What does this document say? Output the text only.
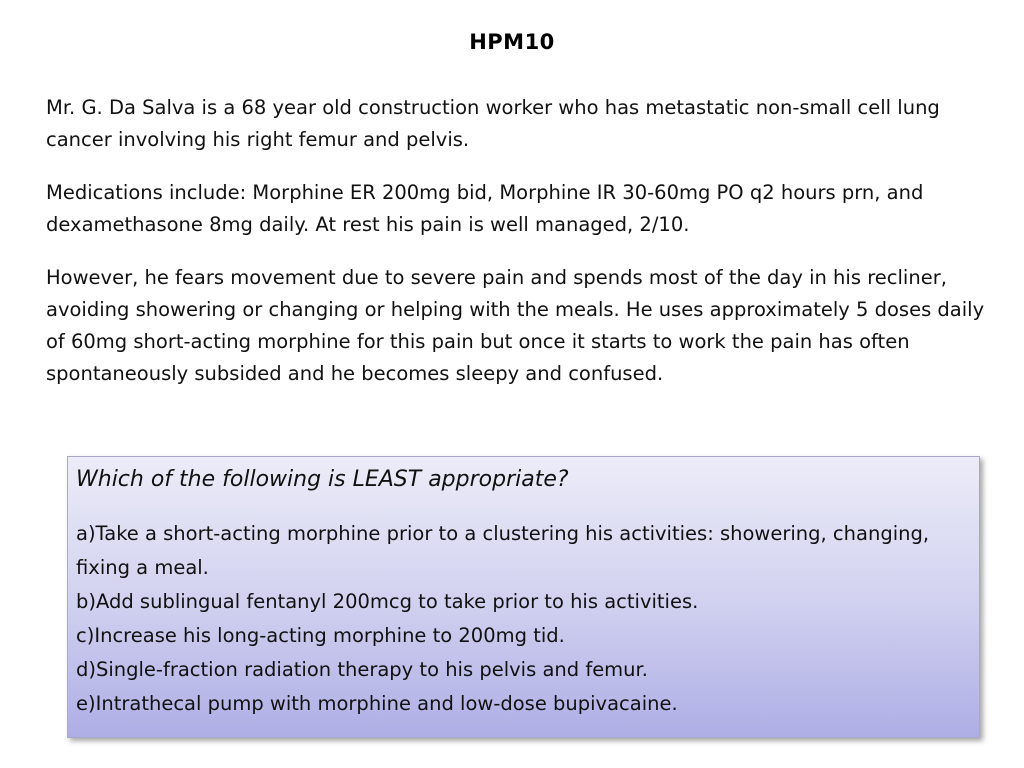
HPM10

Mr. G. Da Salva is a 68 year old construction worker who has metastatic non-small cell lung cancer involving his right femur and pelvis.

Medications include: Morphine ER 200mg bid, Morphine IR 30-60mg PO q2 hours prn, and dexamethasone 8mg daily. At rest his pain is well managed, 2/10.

However, he fears movement due to severe pain and spends most of the day in his recliner, avoiding showering or changing or helping with the meals. He uses approximately 5 doses daily of 60mg short-acting morphine for this pain but once it starts to work the pain has often spontaneously subsided and he becomes sleepy and confused.

Which of the following is LEAST appropriate?
a)Take a short-acting morphine prior to a clustering his activities: showering, changing, fixing a meal.
b)Add sublingual fentanyl 200mcg to take prior to his activities.
c)Increase his long-acting morphine to 200mg tid.
d)Single-fraction radiation therapy to his pelvis and femur.
e)Intrathecal pump with morphine and low-dose bupivacaine.
